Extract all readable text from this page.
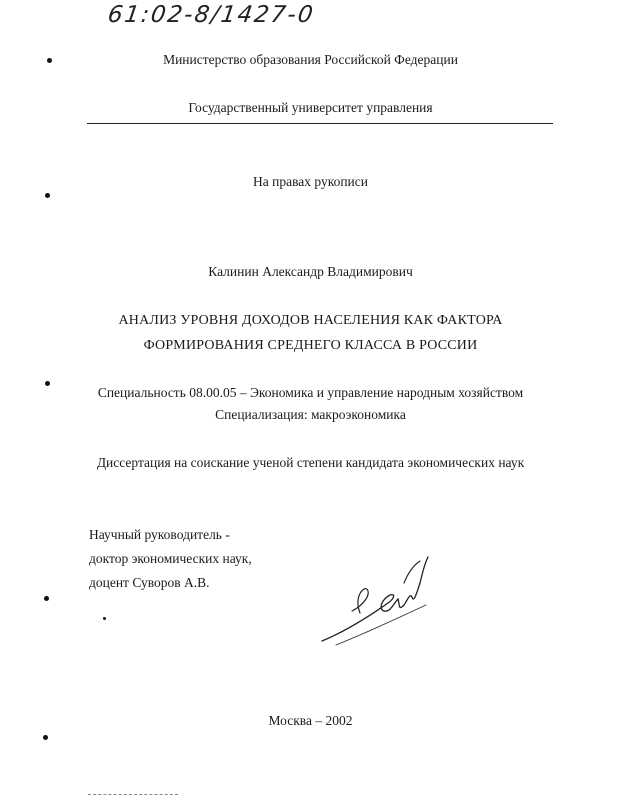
61:02-8/1427-0
Министерство образования Российской Федерации
Государственный университет управления
На правах рукописи
Калинин Александр Владимирович
АНАЛИЗ УРОВНЯ ДОХОДОВ НАСЕЛЕНИЯ КАК ФАКТОРА
ФОРМИРОВАНИЯ СРЕДНЕГО КЛАССА В РОССИИ
Специальность 08.00.05 – Экономика и управление народным хозяйством
Специализация: макроэкономика
Диссертация на соискание ученой степени кандидата экономических наук
Научный руководитель -
доктор экономических наук,
доцент Суворов А.В.
Москва – 2002
